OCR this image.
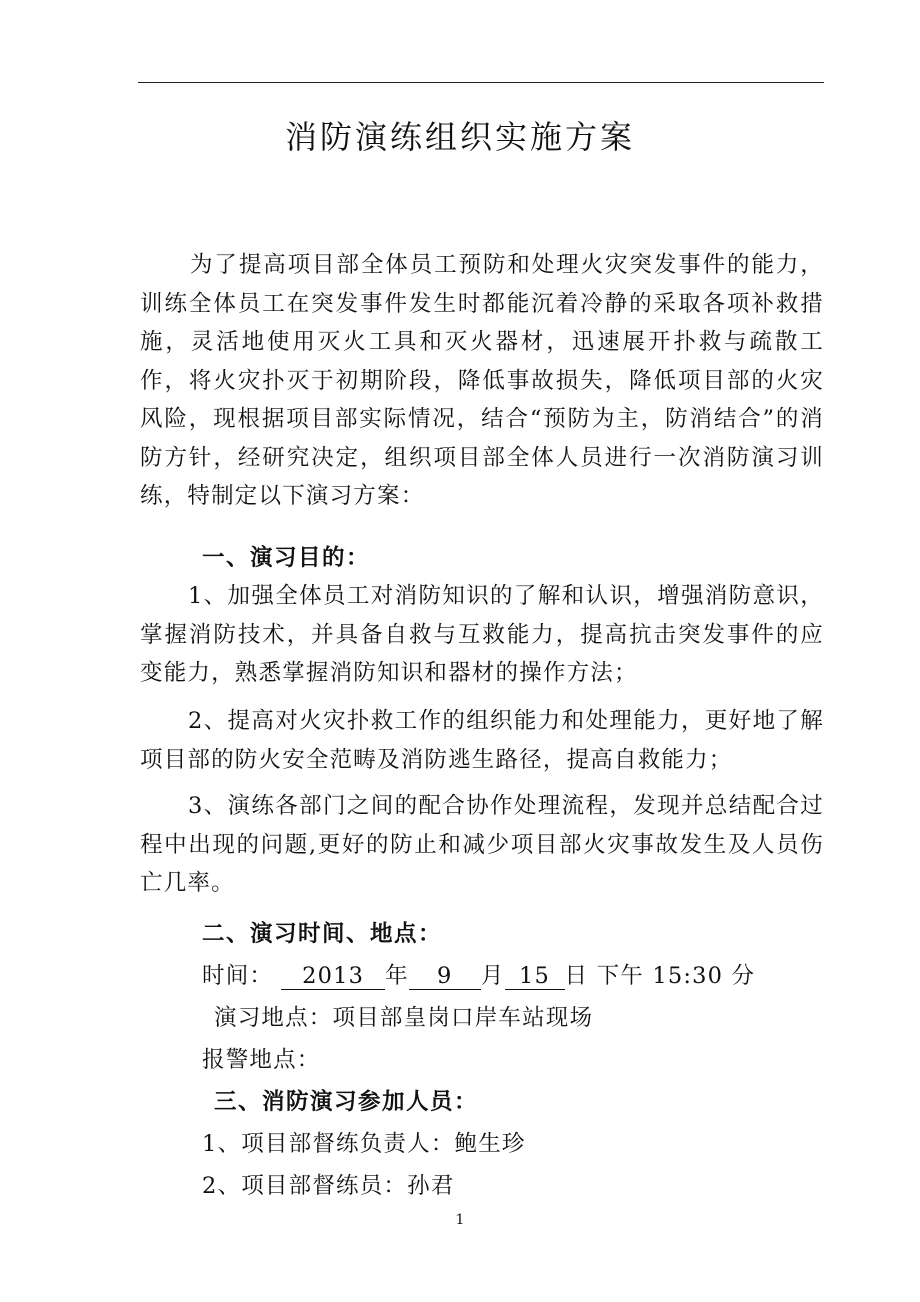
消防演练组织实施方案
为了提高项目部全体员工预防和处理火灾突发事件的能力，训练全体员工在突发事件发生时都能沉着冷静的采取各项补救措施，灵活地使用灭火工具和灭火器材，迅速展开扑救与疏散工作，将火灾扑灭于初期阶段，降低事故损失，降低项目部的火灾风险，现根据项目部实际情况，结合“预防为主，防消结合”的消防方针，经研究决定，组织项目部全体人员进行一次消防演习训练，特制定以下演习方案：
一、演习目的：
1、加强全体员工对消防知识的了解和认识，增强消防意识，掌握消防技术，并具备自救与互救能力，提高抗击突发事件的应变能力，熟悉掌握消防知识和器材的操作方法；
2、提高对火灾扑救工作的组织能力和处理能力，更好地了解项目部的防火安全范畴及消防逃生路径，提高自救能力；
3、演练各部门之间的配合协作处理流程，发现并总结配合过程中出现的问题,更好的防止和减少项目部火灾事故发生及人员伤亡几率。
二、演习时间、地点：
时间： 2013 年 9 月 15 日 下午 15:30 分
演习地点：项目部皇岗口岸车站现场
报警地点：
三、消防演习参加人员：
1、项目部督练负责人：鲍生珍
2、项目部督练员：孙君
1
